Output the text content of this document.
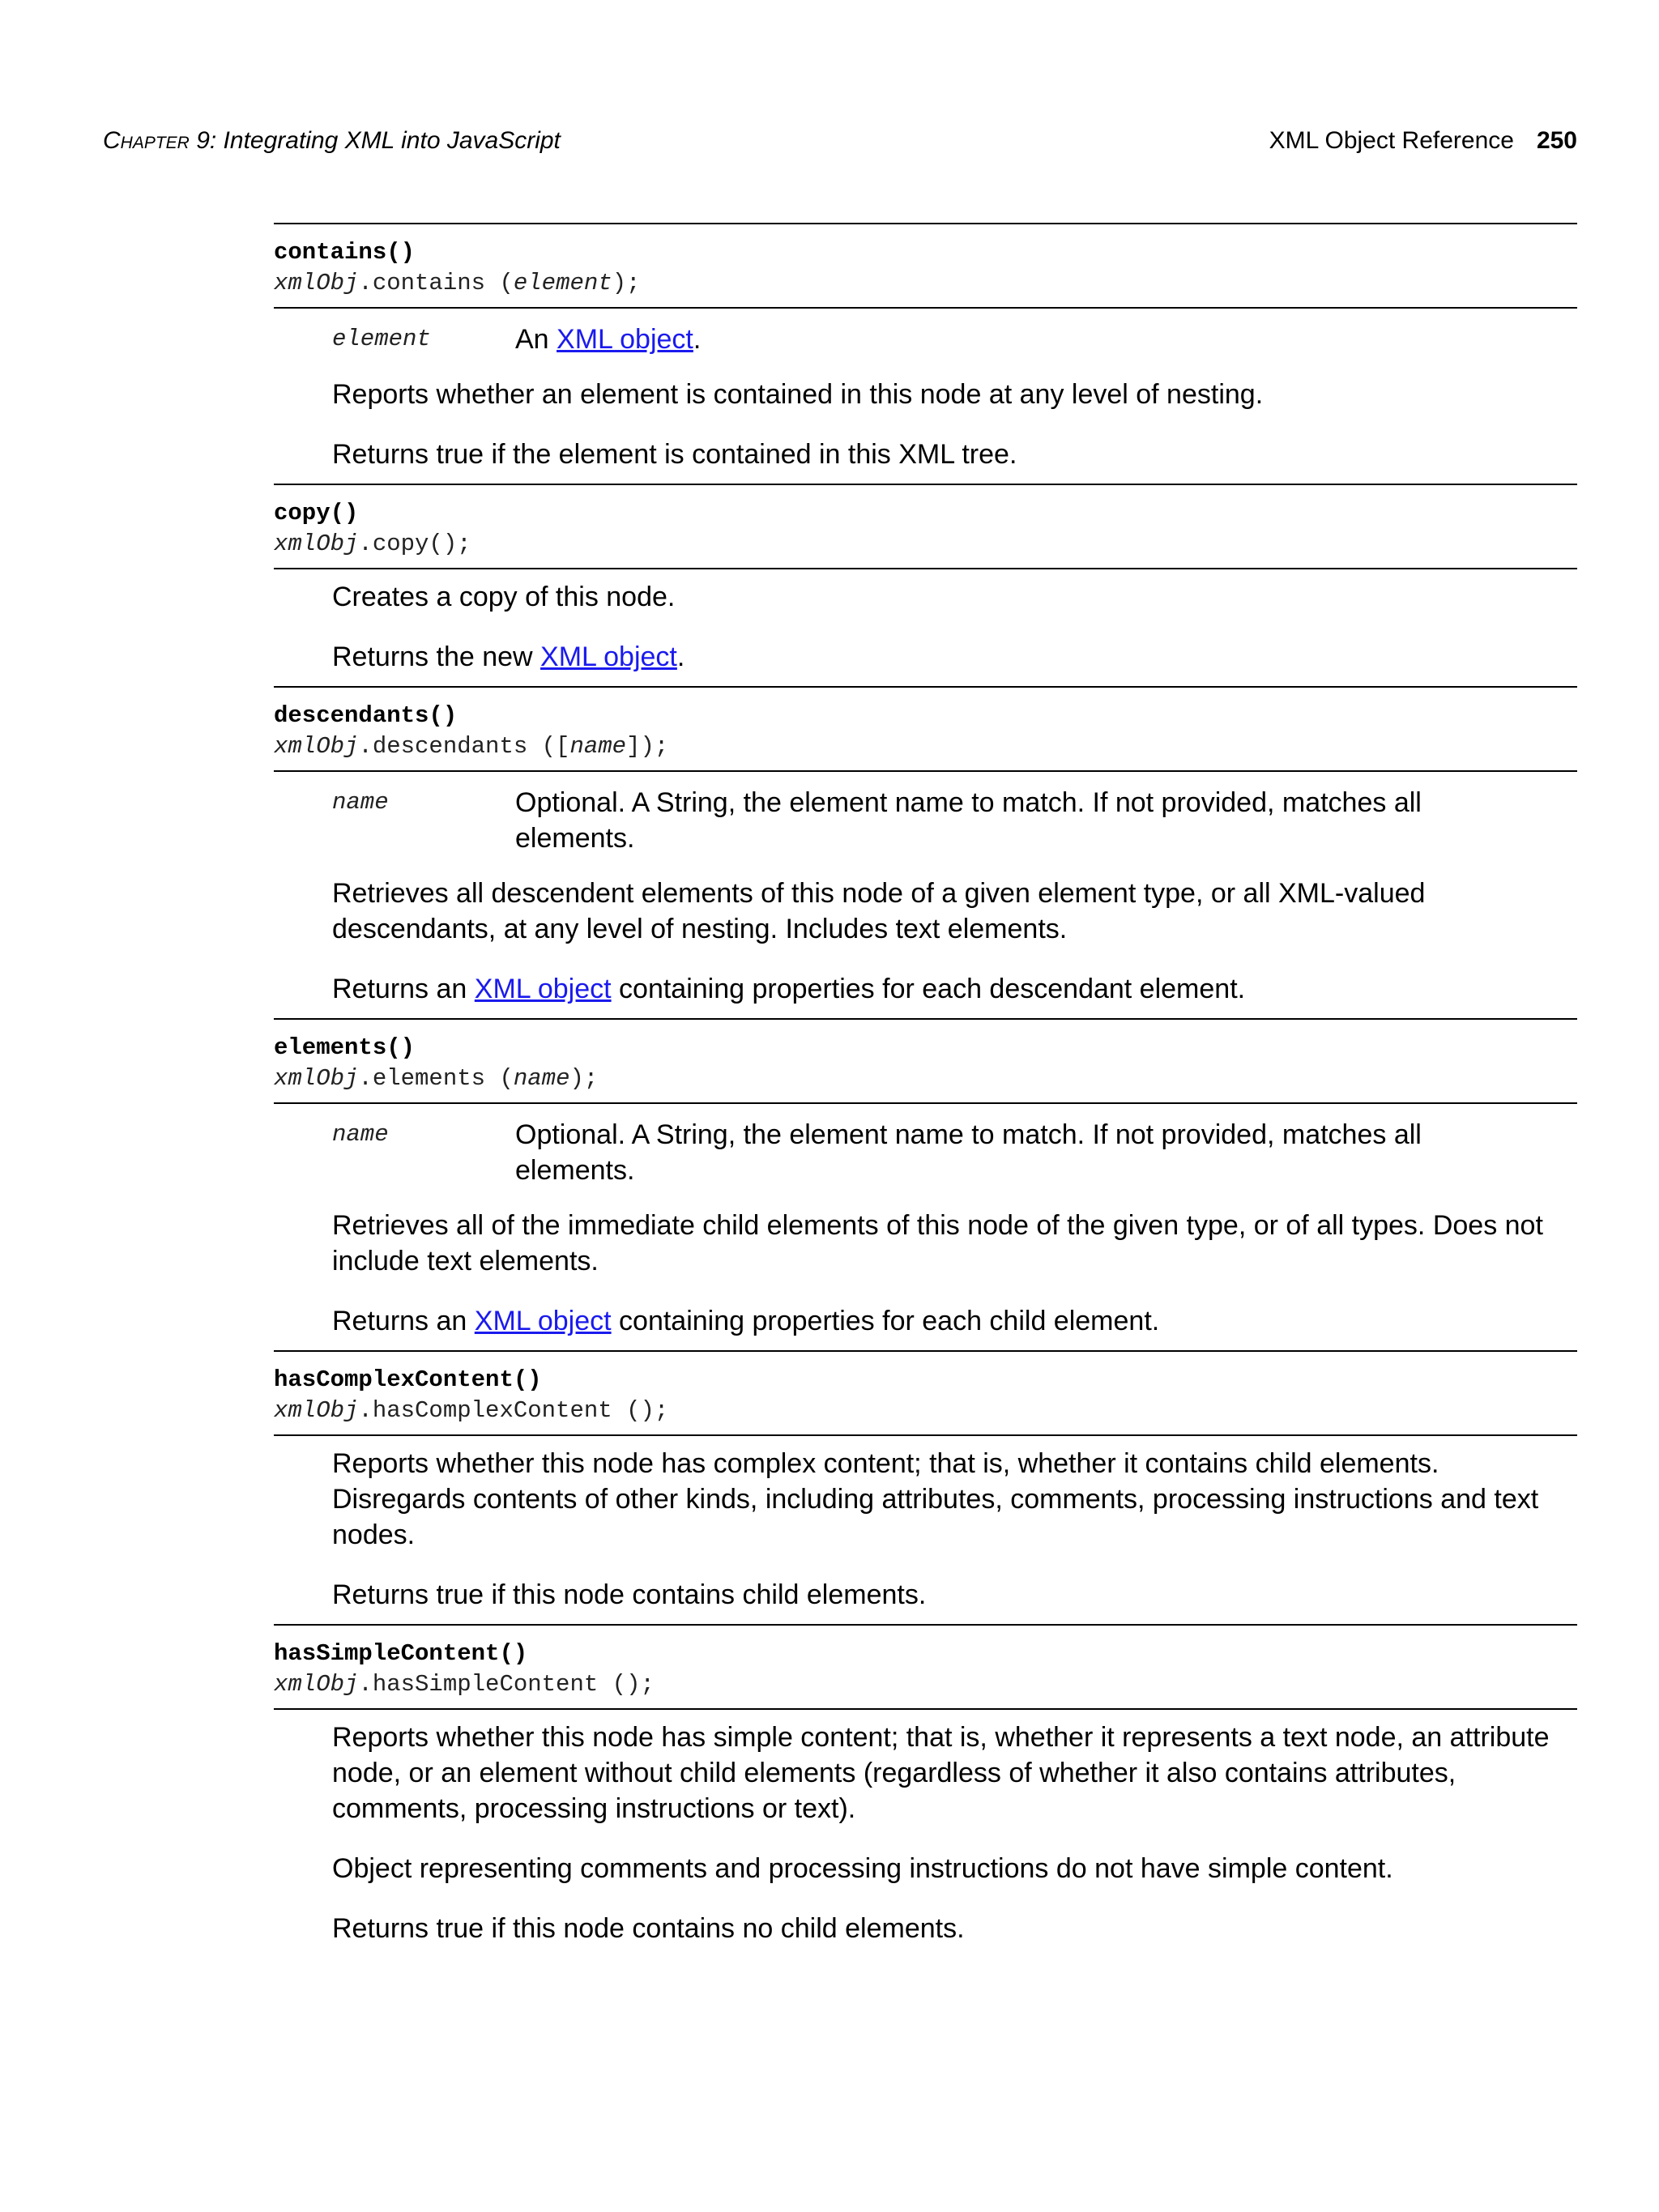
Chapter 9: Integrating XML into JavaScript	XML Object Reference 250
contains()
xmlObj.contains (element);
element	An XML object.

Reports whether an element is contained in this node at any level of nesting.

Returns true if the element is contained in this XML tree.

copy()
xmlObj.copy();

Creates a copy of this node.

Returns the new XML object.

descendants()
xmlObj.descendants ([name]);
name	Optional. A String, the element name to match. If not provided, matches all elements.

Retrieves all descendent elements of this node of a given element type, or all XML-valued descendants, at any level of nesting. Includes text elements.

Returns an XML object containing properties for each descendant element.

elements()
xmlObj.elements (name);
name	Optional. A String, the element name to match. If not provided, matches all elements.

Retrieves all of the immediate child elements of this node of the given type, or of all types. Does not include text elements.

Returns an XML object containing properties for each child element.

hasComplexContent()
xmlObj.hasComplexContent ();

Reports whether this node has complex content; that is, whether it contains child elements. Disregards contents of other kinds, including attributes, comments, processing instructions and text nodes.

Returns true if this node contains child elements.

hasSimpleContent()
xmlObj.hasSimpleContent ();

Reports whether this node has simple content; that is, whether it represents a text node, an attribute node, or an element without child elements (regardless of whether it also contains attributes, comments, processing instructions or text).

Object representing comments and processing instructions do not have simple content.

Returns true if this node contains no child elements.
